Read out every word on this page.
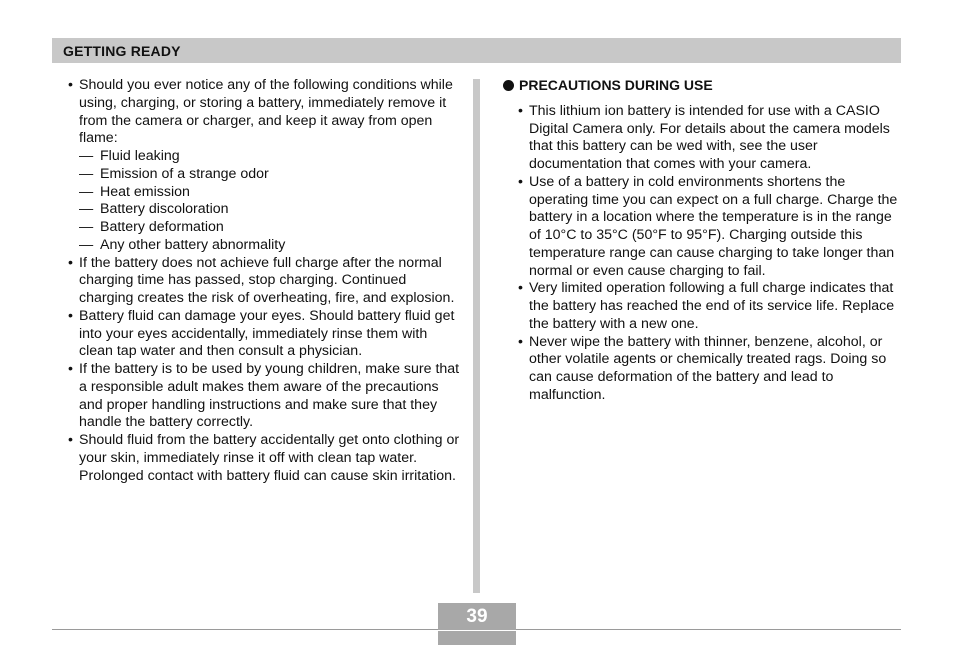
GETTING READY
• Should you ever notice any of the following conditions while using, charging, or storing a battery, immediately remove it from the camera or charger, and keep it away from open flame:
— Fluid leaking
— Emission of a strange odor
— Heat emission
— Battery discoloration
— Battery deformation
— Any other battery abnormality
• If the battery does not achieve full charge after the normal charging time has passed, stop charging. Continued charging creates the risk of overheating, fire, and explosion.
• Battery fluid can damage your eyes. Should battery fluid get into your eyes accidentally, immediately rinse them with clean tap water and then consult a physician.
• If the battery is to be used by young children, make sure that a responsible adult makes them aware of the precautions and proper handling instructions and make sure that they handle the battery correctly.
• Should fluid from the battery accidentally get onto clothing or your skin, immediately rinse it off with clean tap water. Prolonged contact with battery fluid can cause skin irritation.
PRECAUTIONS DURING USE
• This lithium ion battery is intended for use with a CASIO Digital Camera only. For details about the camera models that this battery can be wed with, see the user documentation that comes with your camera.
• Use of a battery in cold environments shortens the operating time you can expect on a full charge. Charge the battery in a location where the temperature is in the range of 10°C to 35°C (50°F to 95°F). Charging outside this temperature range can cause charging to take longer than normal or even cause charging to fail.
• Very limited operation following a full charge indicates that the battery has reached the end of its service life. Replace the battery with a new one.
• Never wipe the battery with thinner, benzene, alcohol, or other volatile agents or chemically treated rags. Doing so can cause deformation of the battery and lead to malfunction.
39
